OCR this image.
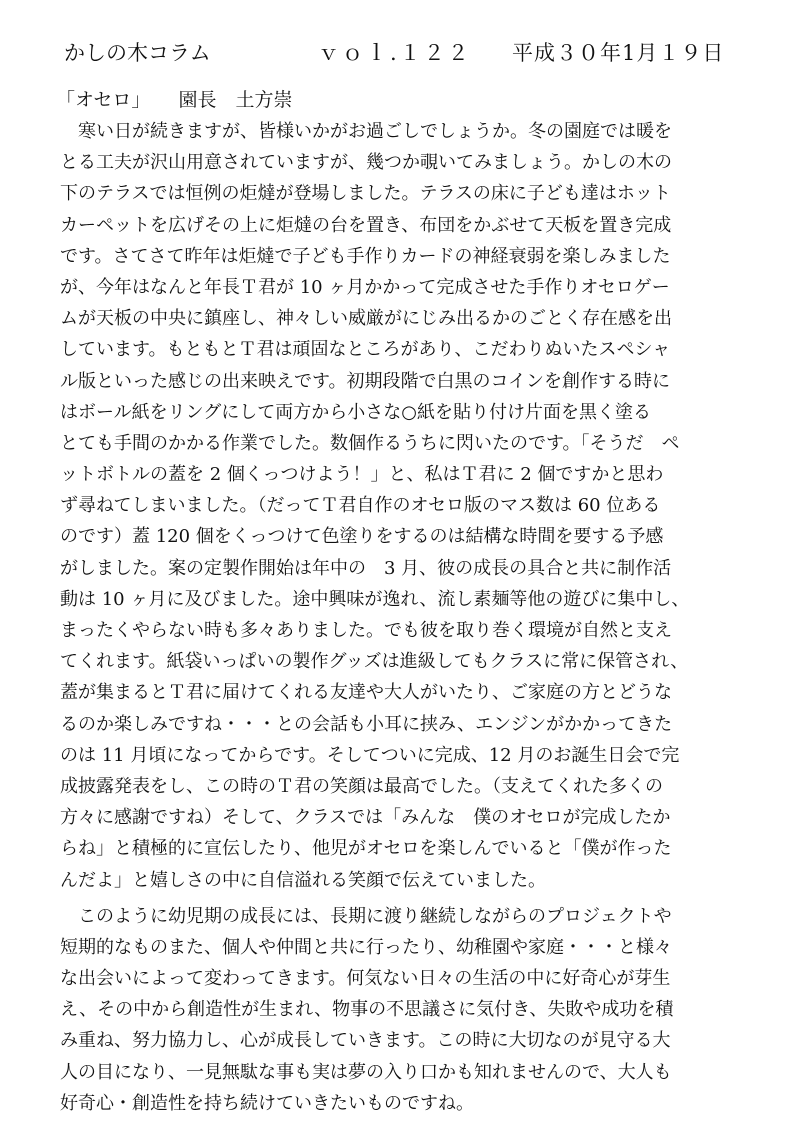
かしの木コラム	ｖｏｌ.１２２ 平成３０年1月１９日
「オセロ」 園長　土方崇
　寒い日が続きますが、皆様いかがお過ごしでしょうか。冬の園庭では暖を
とる工夫が沢山用意されていますが、幾つか覗いてみましょう。かしの木の
下のテラスでは恒例の炬燵が登場しました。テラスの床に子ども達はホット
カーペットを広げその上に炬燵の台を置き、布団をかぶせて天板を置き完成
です。さてさて昨年は炬燵で子ども手作りカードの神経衰弱を楽しみました
が、今年はなんと年長Ｔ君が 10 ヶ月かかって完成させた手作りオセロゲー
ムが天板の中央に鎮座し、神々しい威厳がにじみ出るかのごとく存在感を出
しています。もともとＴ君は頑固なところがあり、こだわりぬいたスペシャ
ル版といった感じの出来映えです。初期段階で白黒のコインを創作する時に
はボール紙をリングにして両方から小さな○紙を貼り付け片面を黒く塗る
とても手間のかかる作業でした。数個作るうちに閃いたのです。「そうだ　ペ
ットボトルの蓋を 2 個くっつけよう！」と、私はＴ君に 2 個ですかと思わ
ず尋ねてしまいました。（だってＴ君自作のオセロ版のマス数は 60 位ある
のです）蓋 120 個をくっつけて色塗りをするのは結構な時間を要する予感
がしました。案の定製作開始は年中の　3 月、彼の成長の具合と共に制作活
動は 10 ヶ月に及びました。途中興味が逸れ、流し素麺等他の遊びに集中し、
まったくやらない時も多々ありました。でも彼を取り巻く環境が自然と支え
てくれます。紙袋いっぱいの製作グッズは進級してもクラスに常に保管され、
蓋が集まるとＴ君に届けてくれる友達や大人がいたり、ご家庭の方とどうな
るのか楽しみですね・・・との会話も小耳に挟み、エンジンがかかってきた
のは 11 月頃になってからです。そしてついに完成、12 月のお誕生日会で完
成披露発表をし、この時のＴ君の笑顔は最高でした。（支えてくれた多くの
方々に感謝ですね）そして、クラスでは「みんな　僕のオセロが完成したか
らね」と積極的に宣伝したり、他児がオセロを楽しんでいると「僕が作った
んだよ」と嬉しさの中に自信溢れる笑顔で伝えていました。
　このように幼児期の成長には、長期に渡り継続しながらのプロジェクトや
短期的なものまた、個人や仲間と共に行ったり、幼稚園や家庭・・・と様々
な出会いによって変わってきます。何気ない日々の生活の中に好奇心が芽生
え、その中から創造性が生まれ、物事の不思議さに気付き、失敗や成功を積
み重ね、努力協力し、心が成長していきます。この時に大切なのが見守る大
人の目になり、一見無駄な事も実は夢の入り口かも知れませんので、大人も
好奇心・創造性を持ち続けていきたいものですね。
